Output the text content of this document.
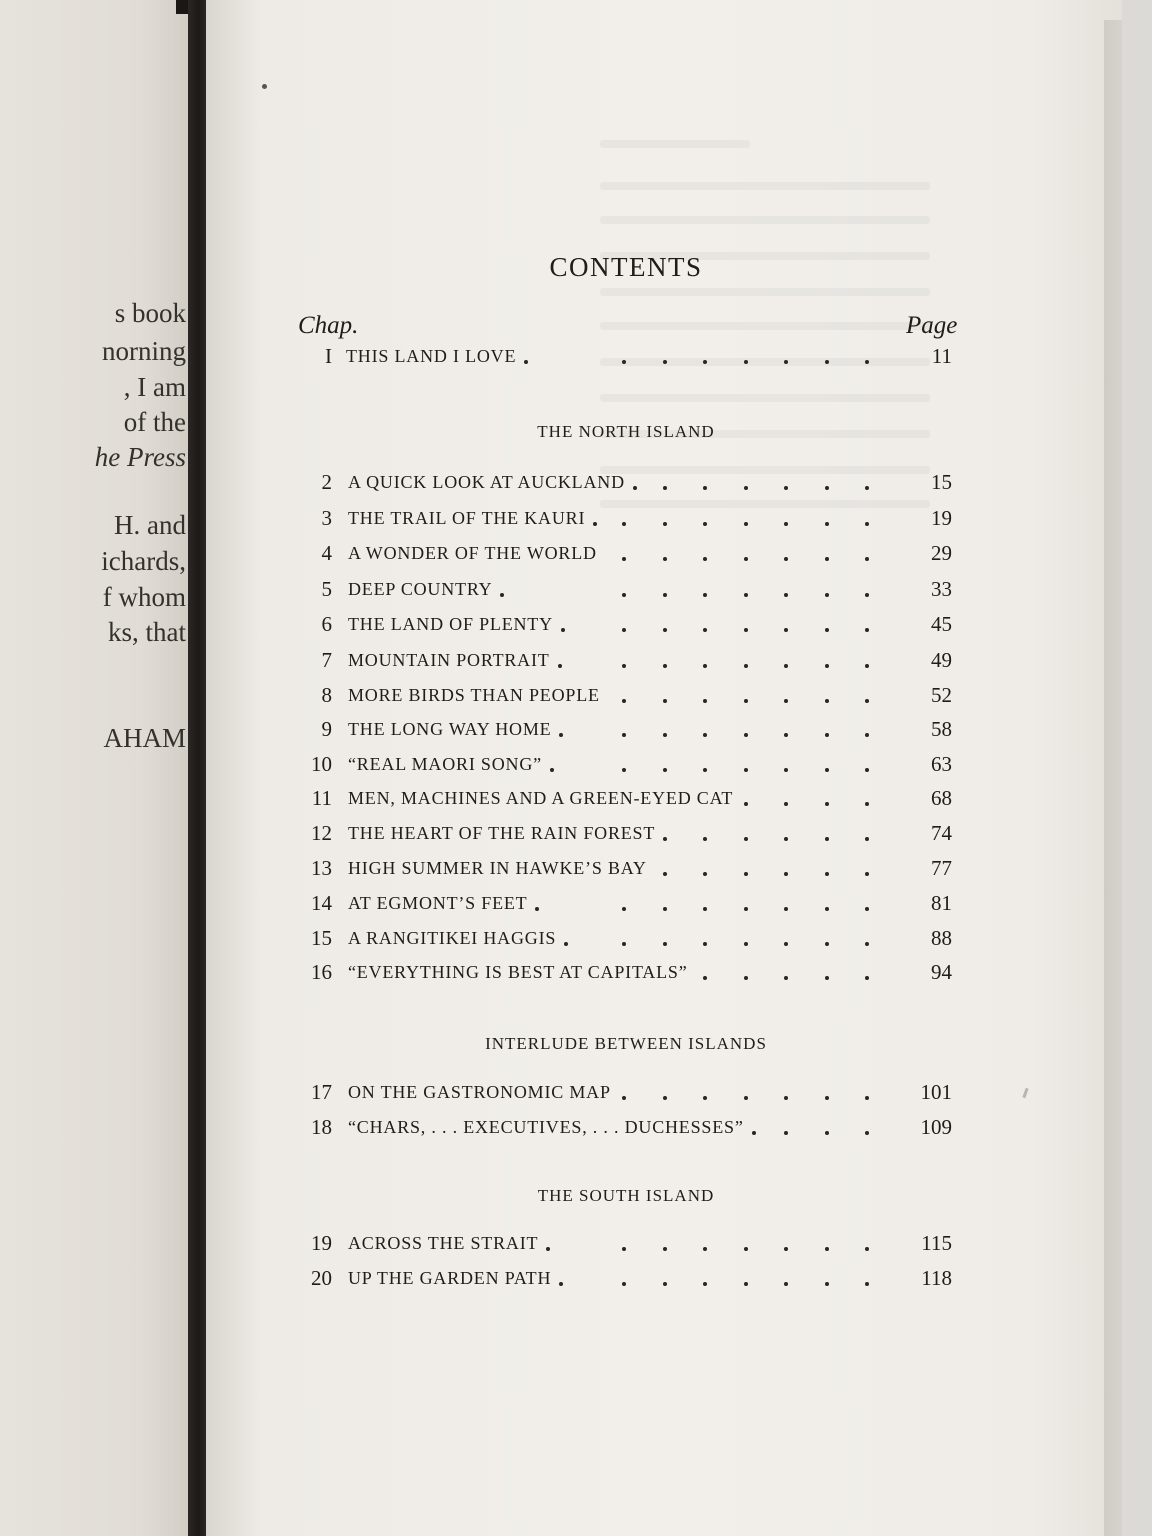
s book
norning
, I am
of the
he Press
H. and
ichards,
f whom
ks, that
AHAM
CONTENTS
Chap.	Page
I THIS LAND I LOVE	11
THE NORTH ISLAND
2 A QUICK LOOK AT AUCKLAND	15
3 THE TRAIL OF THE KAURI	19
4 A WONDER OF THE WORLD	29
5 DEEP COUNTRY	33
6 THE LAND OF PLENTY	45
7 MOUNTAIN PORTRAIT	49
8 MORE BIRDS THAN PEOPLE	52
9 THE LONG WAY HOME	58
10 “REAL MAORI SONG”	63
11 MEN, MACHINES AND A GREEN-EYED CAT	68
12 THE HEART OF THE RAIN FOREST	74
13 HIGH SUMMER IN HAWKE’S BAY	77
14 AT EGMONT’S FEET	81
15 A RANGITIKEI HAGGIS	88
16 “EVERYTHING IS BEST AT CAPITALS”	94
INTERLUDE BETWEEN ISLANDS
17 ON THE GASTRONOMIC MAP	101
18 “CHARS, . . . EXECUTIVES, . . . DUCHESSES”	109
THE SOUTH ISLAND
19 ACROSS THE STRAIT	115
20 UP THE GARDEN PATH	118
